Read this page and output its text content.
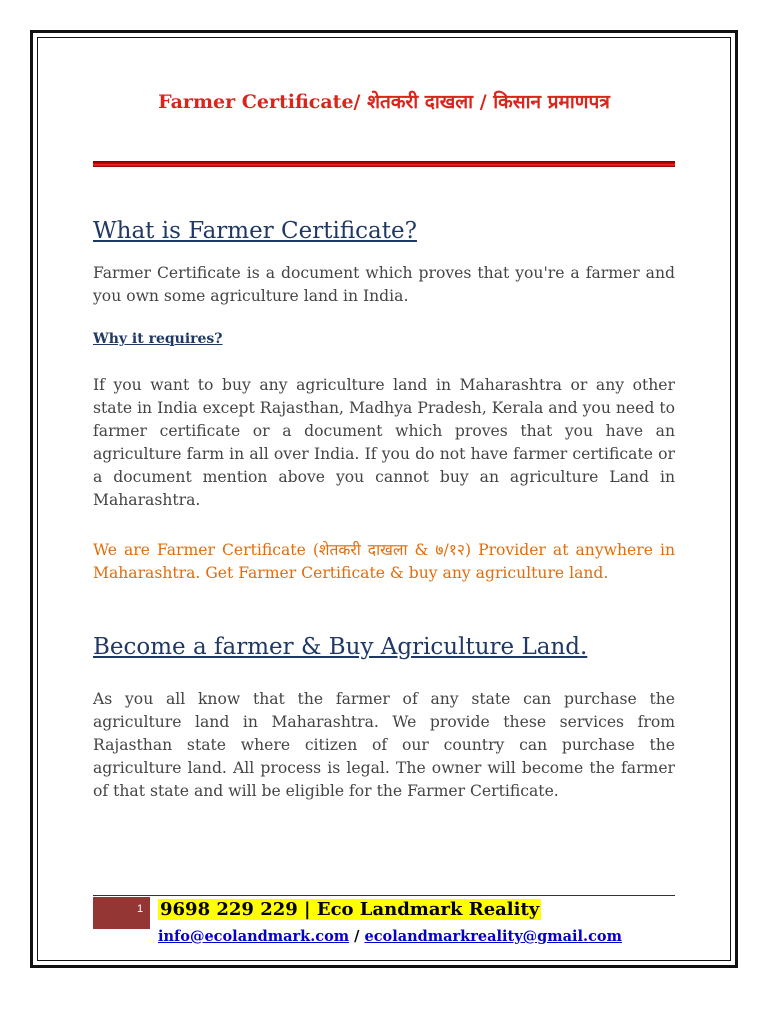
Farmer Certificate/ शेतकरी दाखला / किसान प्रमाणपत्र
What is Farmer Certificate?

Farmer Certificate is a document which proves that you're a farmer and you own some agriculture land in India.

Why it requires?

If you want to buy any agriculture land in Maharashtra or any other state in India except Rajasthan, Madhya Pradesh, Kerala and you need to farmer certificate or a document which proves that you have an agriculture farm in all over India. If you do not have farmer certificate or a document mention above you cannot buy an agriculture Land in Maharashtra.

We are Farmer Certificate (शेतकरी दाखला & ७/१२) Provider at anywhere in Maharashtra. Get Farmer Certificate & buy any agriculture land.

Become a farmer & Buy Agriculture Land.

As you all know that the farmer of any state can purchase the agriculture land in Maharashtra. We provide these services from Rajasthan state where citizen of our country can purchase the agriculture land. All process is legal. The owner will become the farmer of that state and will be eligible for the Farmer Certificate.

1 9698 229 229 | Eco Landmark Reality

info@ecolandmark.com / ecolandmarkreality@gmail.com
